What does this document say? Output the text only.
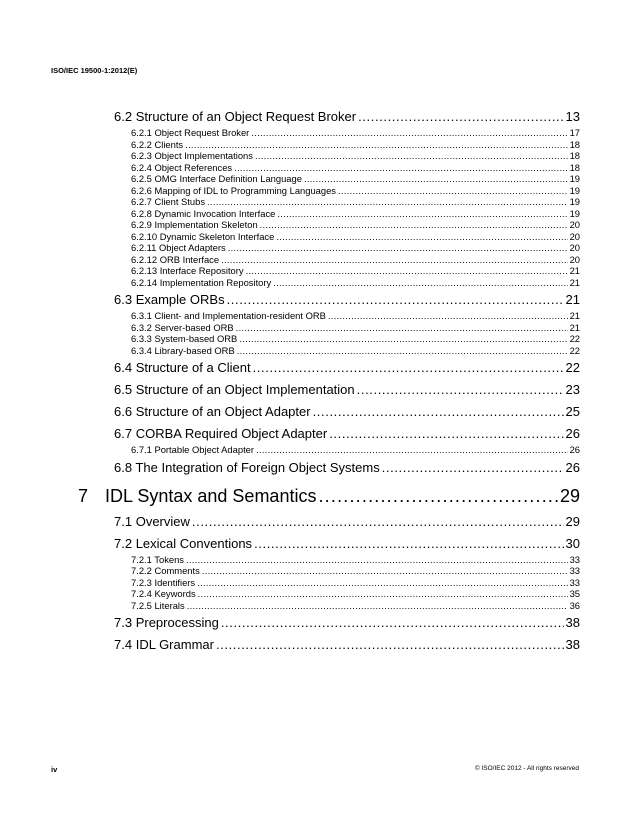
ISO/IEC 19500-1:2012(E)
6.2 Structure of an Object Request Broker .....	13
6.2.1 Object Request Broker .....	17
6.2.2 Clients .....	18
6.2.3 Object Implementations .....	18
6.2.4 Object References .....	18
6.2.5 OMG Interface Definition Language .....	19
6.2.6 Mapping of IDL to Programming Languages .....	19
6.2.7 Client Stubs .....	19
6.2.8 Dynamic Invocation Interface .....	19
6.2.9 Implementation Skeleton .....	20
6.2.10 Dynamic Skeleton Interface .....	20
6.2.11 Object Adapters .....	20
6.2.12 ORB Interface .....	20
6.2.13 Interface Repository .....	21
6.2.14 Implementation Repository .....	21
6.3 Example ORBs .....	21
6.3.1 Client- and Implementation-resident ORB .....	21
6.3.2 Server-based ORB .....	21
6.3.3 System-based ORB .....	22
6.3.4 Library-based ORB .....	22
6.4 Structure of a Client .....	22
6.5 Structure of an Object Implementation .....	23
6.6 Structure of an Object Adapter .....	25
6.7 CORBA Required Object Adapter .....	26
6.7.1 Portable Object Adapter .....	26
6.8 The Integration of Foreign Object Systems .....	26
7 IDL Syntax and Semantics .....	29
7.1 Overview .....	29
7.2 Lexical Conventions .....	30
7.2.1 Tokens .....	33
7.2.2 Comments .....	33
7.2.3 Identifiers .....	33
7.2.4 Keywords .....	35
7.2.5 Literals .....	36
7.3 Preprocessing .....	38
7.4 IDL Grammar .....	38
iv	© ISO/IEC 2012 - All rights reserved
